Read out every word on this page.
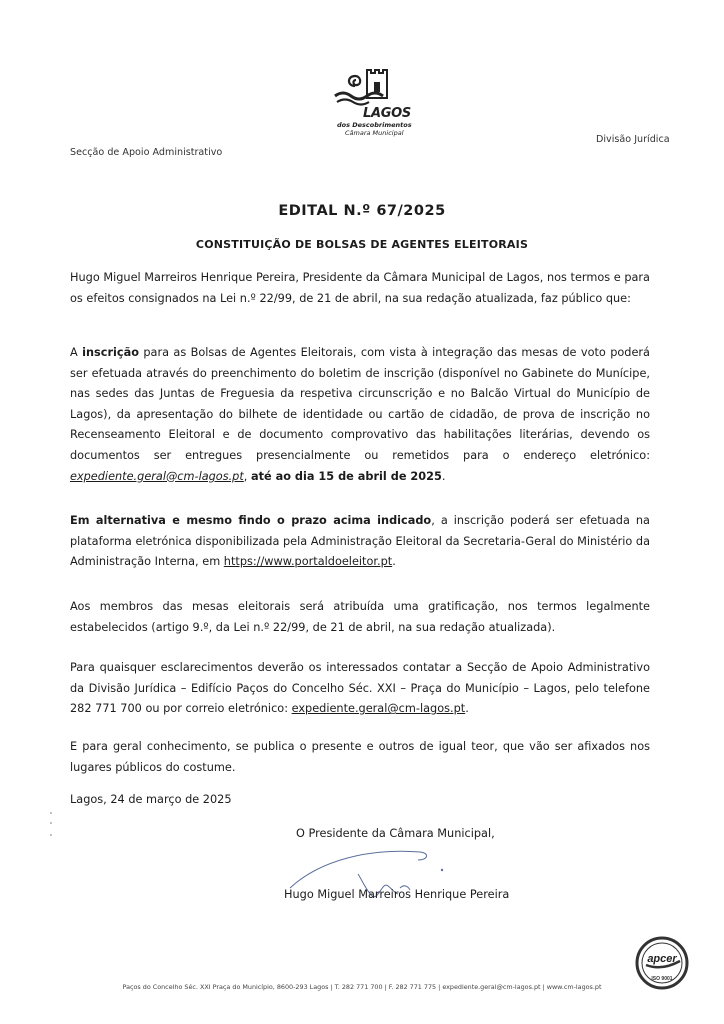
LAGOS
dos Descobrimentos
Câmara Municipal
Secção de Apoio Administrativo
Divisão Jurídica
EDITAL N.º 67/2025
CONSTITUIÇÃO DE BOLSAS DE AGENTES ELEITORAIS
Hugo Miguel Marreiros Henrique Pereira, Presidente da Câmara Municipal de Lagos, nos termos e para os efeitos consignados na Lei n.º 22/99, de 21 de abril, na sua redação atualizada, faz público que:
A inscrição para as Bolsas de Agentes Eleitorais, com vista à integração das mesas de voto poderá ser efetuada através do preenchimento do boletim de inscrição (disponível no Gabinete do Munícipe, nas sedes das Juntas de Freguesia da respetiva circunscrição e no Balcão Virtual do Município de Lagos), da apresentação do bilhete de identidade ou cartão de cidadão, de prova de inscrição no Recenseamento Eleitoral e de documento comprovativo das habilitações literárias, devendo os documentos ser entregues presencialmente ou remetidos para o endereço eletrónico: expediente.geral@cm-lagos.pt, até ao dia 15 de abril de 2025.
Em alternativa e mesmo findo o prazo acima indicado, a inscrição poderá ser efetuada na plataforma eletrónica disponibilizada pela Administração Eleitoral da Secretaria-Geral do Ministério da Administração Interna, em https://www.portaldoeleitor.pt.
Aos membros das mesas eleitorais será atribuída uma gratificação, nos termos legalmente estabelecidos (artigo 9.º, da Lei n.º 22/99, de 21 de abril, na sua redação atualizada).
Para quaisquer esclarecimentos deverão os interessados contatar a Secção de Apoio Administrativo da Divisão Jurídica – Edifício Paços do Concelho Séc. XXI – Praça do Município – Lagos, pelo telefone 282 771 700 ou por correio eletrónico: expediente.geral@cm-lagos.pt.
E para geral conhecimento, se publica o presente e outros de igual teor, que vão ser afixados nos lugares públicos do costume.
Lagos, 24 de março de 2025
O Presidente da Câmara Municipal,
Hugo Miguel Marreiros Henrique Pereira
Paços do Concelho Séc. XXI Praça do Município, 8600-293 Lagos | T. 282 771 700 | F. 282 771 775 | expediente.geral@cm-lagos.pt | www.cm-lagos.pt
apcer
ISO 9001
